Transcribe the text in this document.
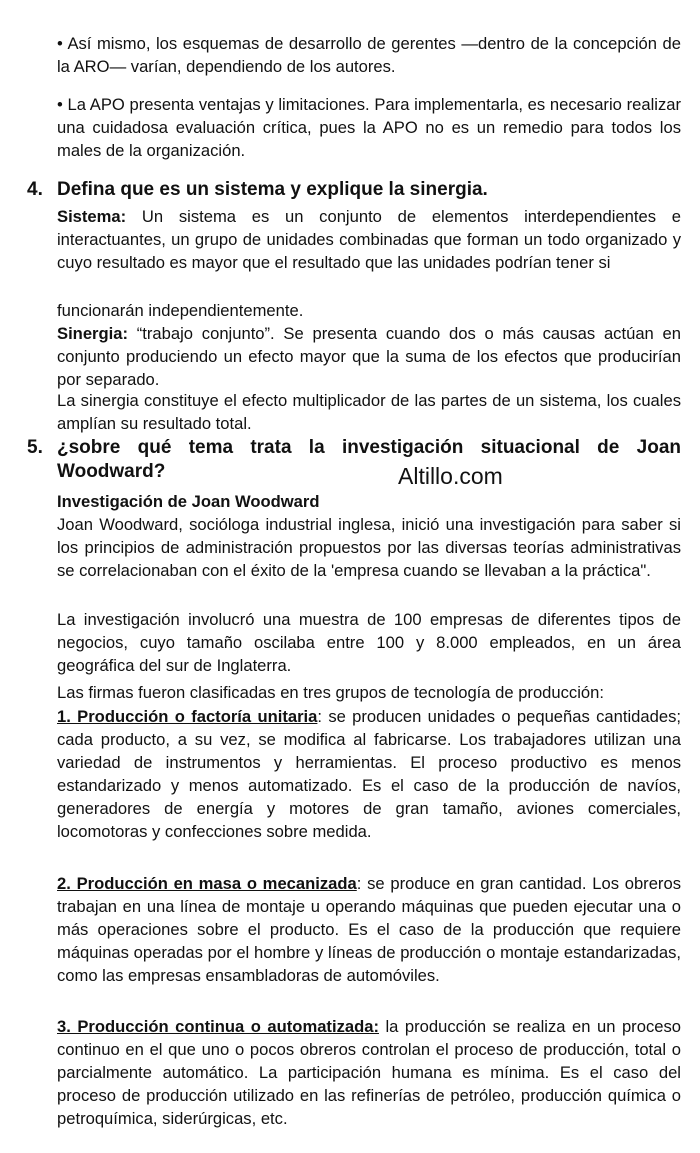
• Así mismo, los esquemas de desarrollo de gerentes —dentro de la concepción de la ARO— varían, dependiendo de los autores.

• La APO presenta ventajas y limitaciones. Para implementarla, es necesario realizar una cuidadosa evaluación crítica, pues la APO no es un remedio para todos los males de la organización.

4. Defina que es un sistema y explique la sinergia.

Sistema: Un sistema es un conjunto de elementos interdependientes e interactuantes, un grupo de unidades combinadas que forman un todo organizado y cuyo resultado es mayor que el resultado que las unidades podrían tener si

funcionarán independientemente.

Sinergia: “trabajo conjunto”. Se presenta cuando dos o más causas actúan en conjunto produciendo un efecto mayor que la suma de los efectos que producirían por separado.

La sinergia constituye el efecto multiplicador de las partes de un sistema, los cuales amplían su resultado total.

5. ¿sobre qué tema trata la investigación situacional de Joan Woodward?	Altillo.com

Investigación de Joan Woodward

Joan Woodward, socióloga industrial inglesa, inició una investigación para saber si los principios de administración propuestos por las diversas teorías administrativas se correlacionaban con el éxito de la 'empresa cuando se llevaban a la práctica".

La investigación involucró una muestra de 100 empresas de diferentes tipos de negocios, cuyo tamaño oscilaba entre 100 y 8.000 empleados, en un área geográfica del sur de Inglaterra.

Las firmas fueron clasificadas en tres grupos de tecnología de producción:

1. Producción o factoría unitaria: se producen unidades o pequeñas cantidades; cada producto, a su vez, se modifica al fabricarse. Los trabajadores utilizan una variedad de instrumentos y herramientas. El proceso productivo es menos estandarizado y menos automatizado. Es el caso de la producción de navíos, generadores de energía y motores de gran tamaño, aviones comerciales, locomotoras y confecciones sobre medida.

2. Producción en masa o mecanizada: se produce en gran cantidad. Los obreros trabajan en una línea de montaje u operando máquinas que pueden ejecutar una o más operaciones sobre el producto. Es el caso de la producción que requiere máquinas operadas por el hombre y líneas de producción o montaje estandarizadas, como las empresas ensambladoras de automóviles.

3. Producción continua o automatizada: la producción se realiza en un proceso continuo en el que uno o pocos obreros controlan el proceso de producción, total o parcialmente automático. La participación humana es mínima. Es el caso del proceso de producción utilizado en las refinerías de petróleo, producción química o petroquímica, siderúrgicas, etc.
